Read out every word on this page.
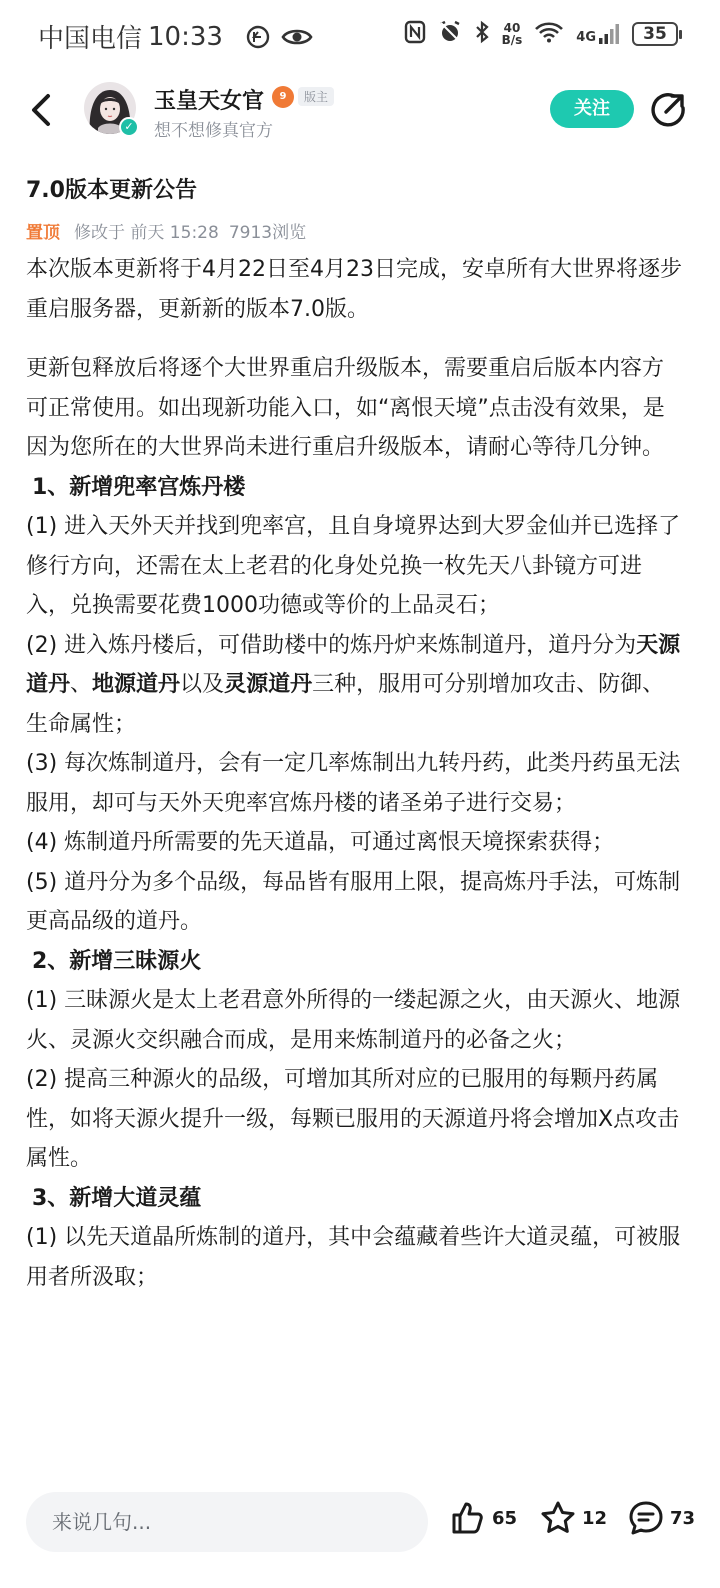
中国电信 10:33	40
B/s	4G	35
✓
玉皇天女官	9	版主
想不想修真官方
关注
7.0版本更新公告
置顶 修改于 前天 15:28 7913浏览

本次版本更新将于4月22日至4月23日完成，安卓所有大世界将逐步重启服务器，更新新的版本7.0版。

更新包释放后将逐个大世界重启升级版本，需要重启后版本内容方可正常使用。如出现新功能入口，如“离恨天境”点击没有效果，是因为您所在的大世界尚未进行重启升级版本，请耐心等待几分钟。

1、新增兜率宫炼丹楼

(1) 进入天外天并找到兜率宫，且自身境界达到大罗金仙并已选择了修行方向，还需在太上老君的化身处兑换一枚先天八卦镜方可进入，兑换需要花费1000功德或等价的上品灵石；

(2) 进入炼丹楼后，可借助楼中的炼丹炉来炼制道丹，道丹分为天源道丹、地源道丹以及灵源道丹三种，服用可分别增加攻击、防御、生命属性；

(3) 每次炼制道丹，会有一定几率炼制出九转丹药，此类丹药虽无法服用，却可与天外天兜率宫炼丹楼的诸圣弟子进行交易；

(4) 炼制道丹所需要的先天道晶，可通过离恨天境探索获得；

(5) 道丹分为多个品级，每品皆有服用上限，提高炼丹手法，可炼制更高品级的道丹。

2、新增三昧源火

(1) 三昧源火是太上老君意外所得的一缕起源之火，由天源火、地源火、灵源火交织融合而成，是用来炼制道丹的必备之火；

(2) 提高三种源火的品级，可增加其所对应的已服用的每颗丹药属性，如将天源火提升一级，每颗已服用的天源道丹将会增加X点攻击属性。

3、新增大道灵蕴

(1) 以先天道晶所炼制的道丹，其中会蕴藏着些许大道灵蕴，可被服用者所汲取；

来说几句...
65	12	73
